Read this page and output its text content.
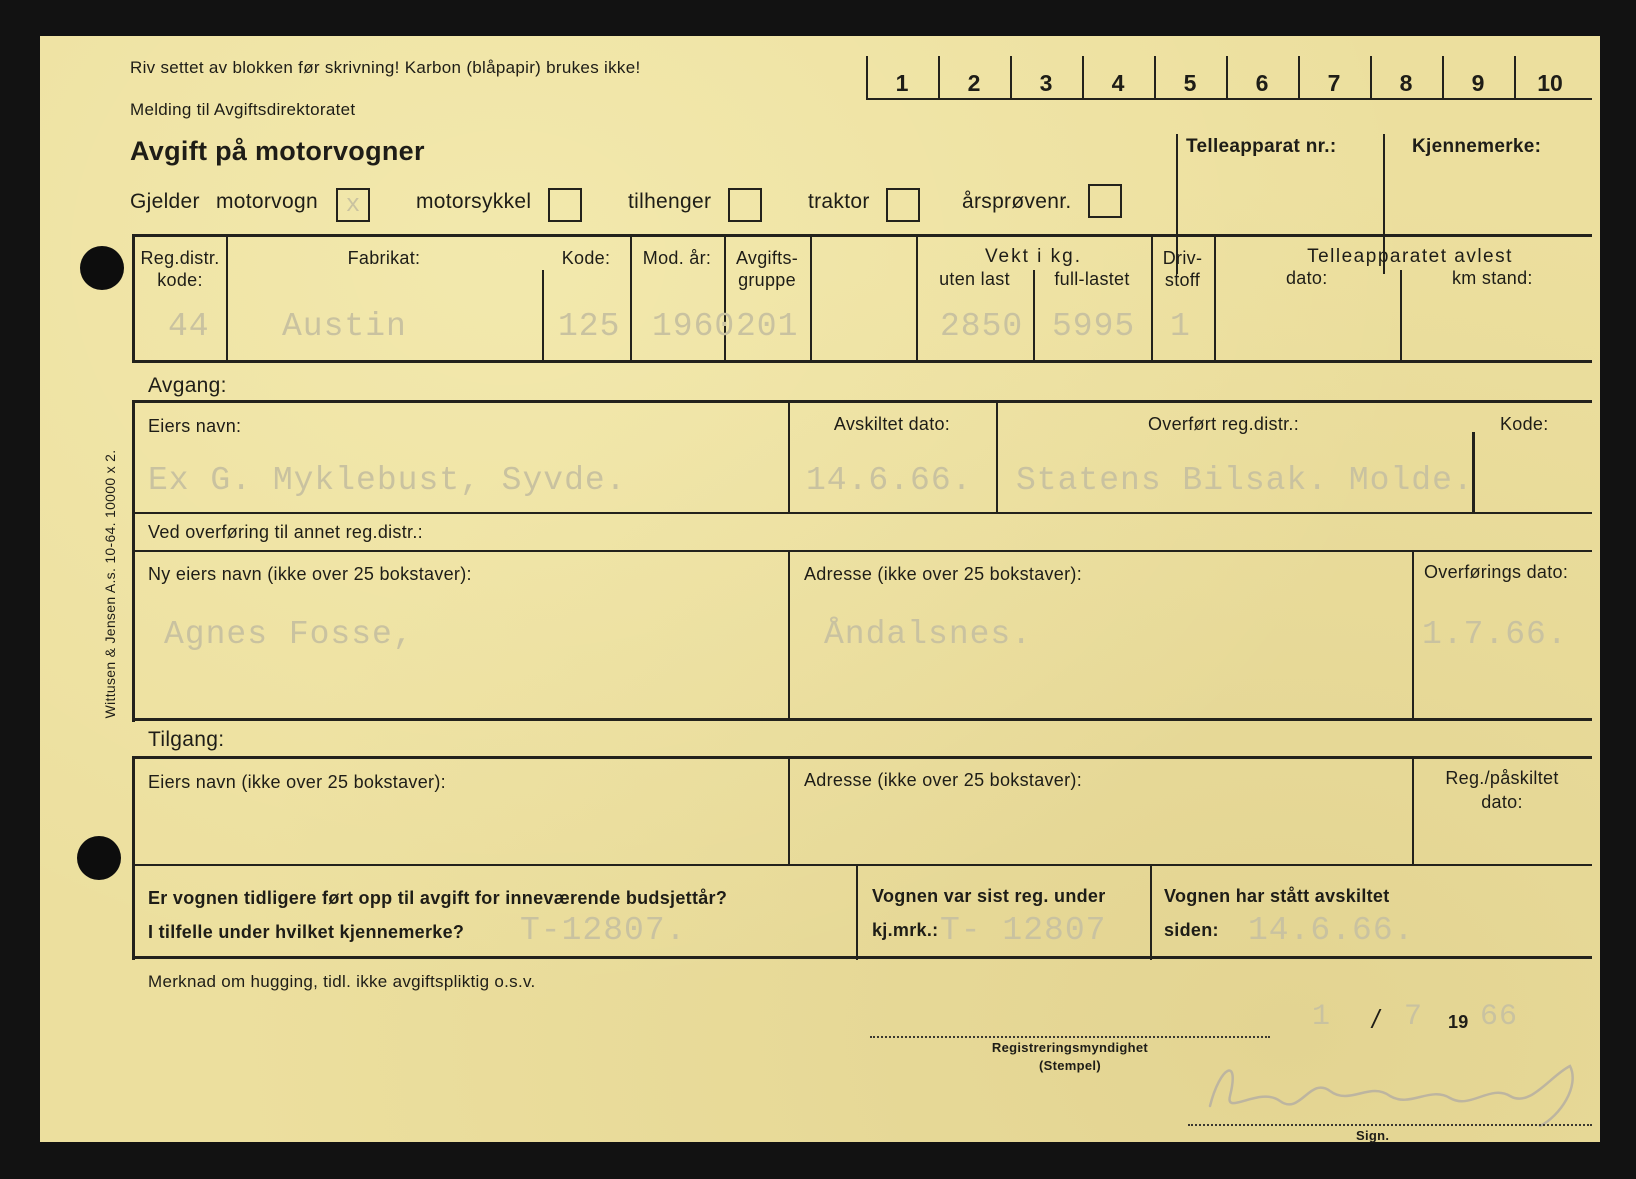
Wittusen & Jensen A.s. 10-64. 10000 x 2.
Riv settet av blokken før skrivning! Karbon (blåpapir) brukes ikke!
Melding til Avgiftsdirektoratet
Avgift på motorvogner
1	2	3	4	5	6	7	8	9	10
Telleapparat nr.:	Kjennemerke:
Gjelder motorvogn	x	motorsykkel	tilhenger	traktor	årsprøvenr.
Reg.distr.
kode:
44
Fabrikat:
Austin
Kode:
125
Mod. år:
1960
Avgifts-
gruppe
201
Vekt i kg.
uten last	full-lastet
2850 5995
Driv-
stoff
1
Telleapparatet avlest
dato:	km stand:
Avgang:
Eiers navn:
Ex G. Myklebust, Syvde.
Avskiltet dato:
14.6.66.
Overført reg.distr.:
Statens Bilsak. Molde.
Kode:
Ved overføring til annet reg.distr.:
Ny eiers navn (ikke over 25 bokstaver):
Agnes Fosse,
Adresse (ikke over 25 bokstaver):
Åndalsnes.
Overførings dato:
1.7.66.
Tilgang:
Eiers navn (ikke over 25 bokstaver):	Adresse (ikke over 25 bokstaver):	Reg./påskiltet
dato:
Er vognen tidligere ført opp til avgift for inneværende budsjettår?
I tilfelle under hvilket kjennemerke? T-12807.
Vognen var sist reg. under
kj.mrk.: T- 12807
Vognen har stått avskiltet
siden: 14.6.66.
Merknad om hugging, tidl. ikke avgiftspliktig o.s.v.
1 / 7 19 66
Registreringsmyndighet
(Stempel)
Sign.
